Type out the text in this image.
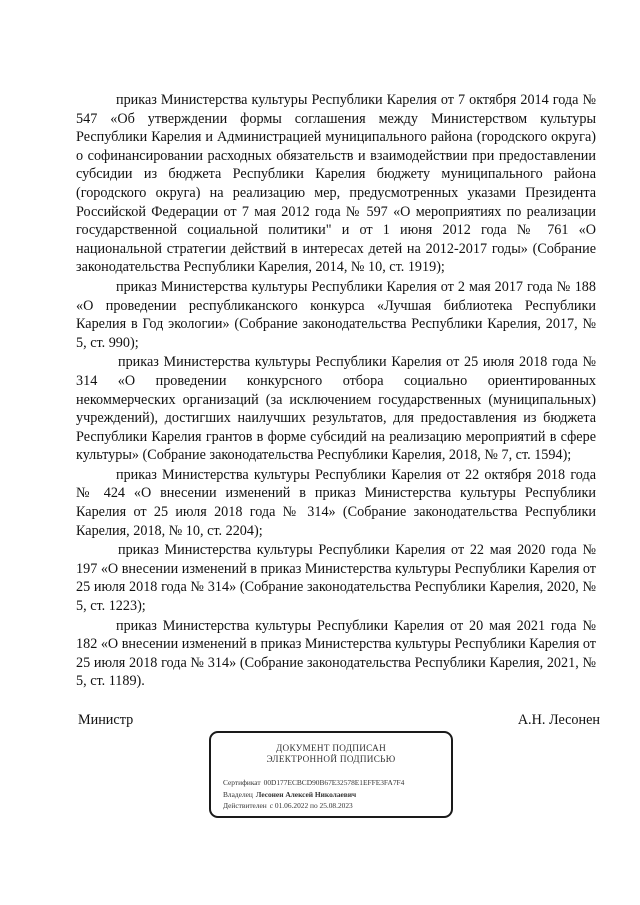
приказ Министерства культуры Республики Карелия от 7 октября 2014 года № 547 «Об утверждении формы соглашения между Министерством культуры Республики Карелия и Администрацией муниципального района (городского округа) о софинансировании расходных обязательств и взаимодействии при предоставлении субсидии из бюджета Республики Карелия бюджету муниципального района (городского округа) на реализацию мер, предусмотренных указами Президента Российской Федерации от 7 мая 2012 года № 597 «О мероприятиях по реализации государственной социальной политики" и от 1 июня 2012 года № 761 «О национальной стратегии действий в интересах детей на 2012-2017 годы» (Собрание законодательства Республики Карелия, 2014, № 10, ст. 1919);

приказ Министерства культуры Республики Карелия от 2 мая 2017 года № 188 «О проведении республиканского конкурса «Лучшая библиотека Республики Карелия в Год экологии» (Собрание законодательства Республики Карелия, 2017, № 5, ст. 990);

приказ Министерства культуры Республики Карелия от 25 июля 2018 года № 314 «О проведении конкурсного отбора социально ориентированных некоммерческих организаций (за исключением государственных (муниципальных) учреждений), достигших наилучших результатов, для предоставления из бюджета Республики Карелия грантов в форме субсидий на реализацию мероприятий в сфере культуры» (Собрание законодательства Республики Карелия, 2018, № 7, ст. 1594);

приказ Министерства культуры Республики Карелия от 22 октября 2018 года № 424 «О внесении изменений в приказ Министерства культуры Республики Карелия от 25 июля 2018 года № 314» (Собрание законодательства Республики Карелия, 2018, № 10, ст. 2204);

приказ Министерства культуры Республики Карелия от 22 мая 2020 года № 197 «О внесении изменений в приказ Министерства культуры Республики Карелия от 25 июля 2018 года № 314» (Собрание законодательства Республики Карелия, 2020, № 5, ст. 1223);

приказ Министерства культуры Республики Карелия от 20 мая 2021 года № 182 «О внесении изменений в приказ Министерства культуры Республики Карелия от 25 июля 2018 года № 314» (Собрание законодательства Республики Карелия, 2021, № 5, ст. 1189).

Министр	А.Н. Лесонен
ДОКУМЕНТ ПОДПИСАН
ЭЛЕКТРОННОЙ ПОДПИСЬЮ
Сертификат 00D177ECBCD90B67E32578E1EFFE3FA7F4
Владелец Лесонен Алексей Николаевич
Действителен с 01.06.2022 по 25.08.2023
